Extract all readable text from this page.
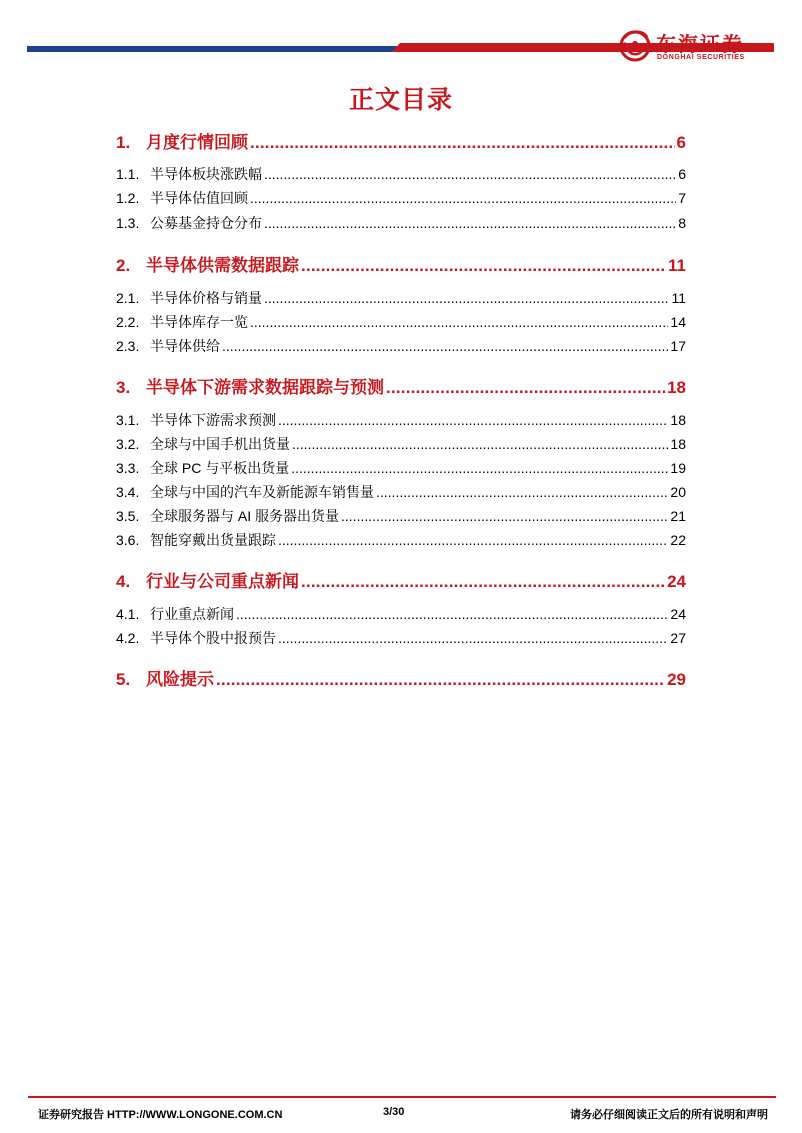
东海证券
DONGHAI SECURITIES
正文目录
1. 月度行情回顾 .....	6
1.1. 半导体板块涨跌幅 .....	6
1.2. 半导体估值回顾 .....	7
1.3. 公募基金持仓分布 .....	8
2. 半导体供需数据跟踪 .....	11
2.1. 半导体价格与销量 .....	11
2.2. 半导体库存一览 .....	14
2.3. 半导体供给 .....	17
3. 半导体下游需求数据跟踪与预测 .....	18
3.1. 半导体下游需求预测 .....	18
3.2. 全球与中国手机出货量 .....	18
3.3. 全球 PC 与平板出货量 .....	19
3.4. 全球与中国的汽车及新能源车销售量 .....	20
3.5. 全球服务器与 AI 服务器出货量 .....	21
3.6. 智能穿戴出货量跟踪 .....	22
4. 行业与公司重点新闻 .....	24
4.1. 行业重点新闻 .....	24
4.2. 半导体个股中报预告 .....	27
5. 风险提示 .....	29
证券研究报告 HTTP://WWW.LONGONE.COM.CN	3/30	请务必仔细阅读正文后的所有说明和声明
